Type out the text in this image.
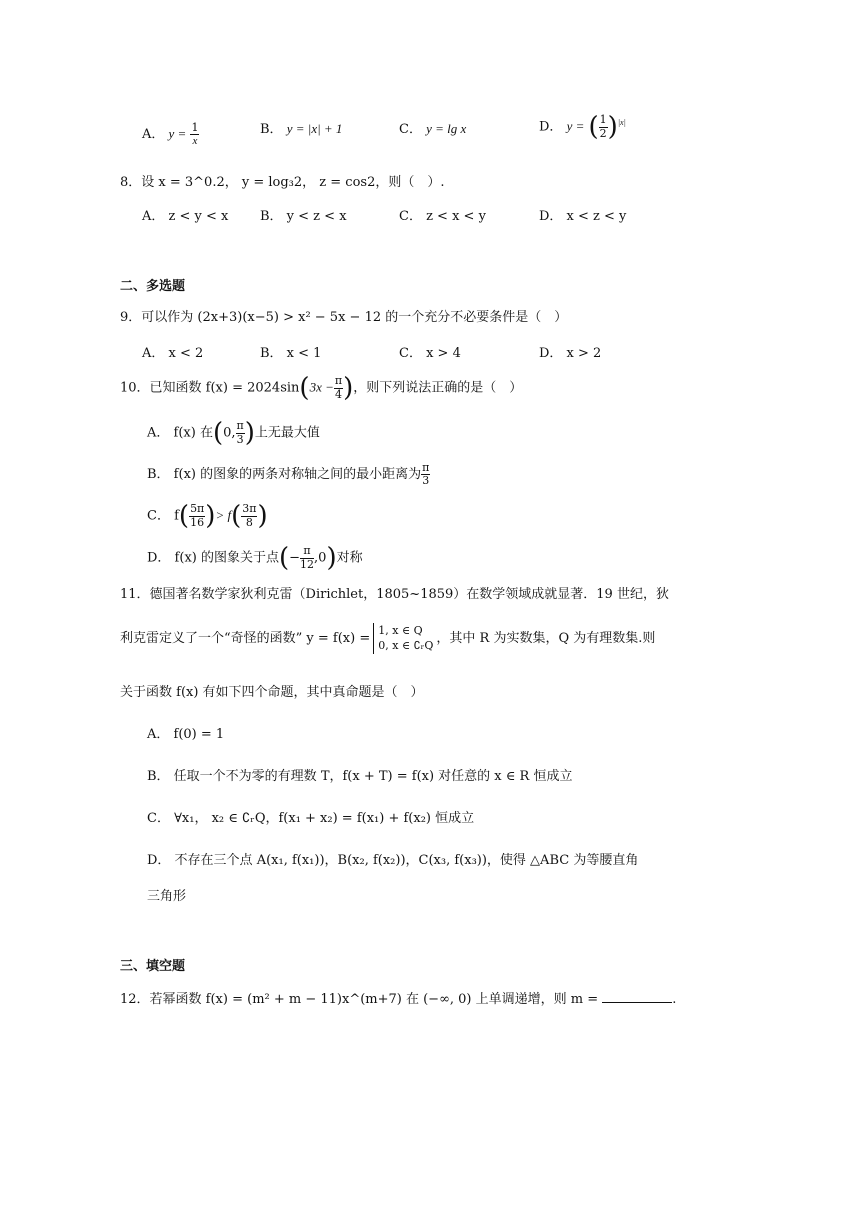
A． $y = \frac{1}{x}$	B． y = |x| + 1	C． y = lg x	D． y = ( $\frac{1}{2} )^{|x|}$
8．设 x = 3^0.2， y = log₃2， z = cos2，则（　）.
A． z < y < x B． y < z < x	C． z < x < y	D． x < z < y
二、多选题
9．可以作为 (2x+3)(x−5) > x² − 5x − 12 的一个充分不必要条件是（　）
A． x < 2	B． x < 1	C． x > 4	D． x > 2
10．已知函数 $f(x) = 2024\sin(3x - \frac{\pi}{4}$ )，则下列说法正确的是（　）
A． f(x) 在(0, $\frac{\pi}{3}$ )上无最大值
B． f(x) 的图象的两条对称轴之间的最小距离为 $\frac{\pi}{3}$
C． $f( \frac{5\pi}{16}$ )> $f( \frac{3\pi}{8}$ )
D． f(x) 的图象关于点(− $\frac{\pi}{12} ,0$)对称
11．德国著名数学家狄利克雷（Dirichlet，1805~1859）在数学领域成就显著．19 世纪，狄
利克雷定义了一个“奇怪的函数” y = f(x) =
1, x ∈ Q
0, x ∈ ∁ᵣQ ，其中 R 为实数集，Q 为有理数集.则
关于函数 f(x) 有如下四个命题，其中真命题是（　）
A． f(0) = 1
B． 任取一个不为零的有理数 T，f(x + T) = f(x) 对任意的 x ∈ R 恒成立
C． ∀x₁， x₂ ∈ ∁ᵣQ，f(x₁ + x₂) = f(x₁) + f(x₂) 恒成立
D． 不存在三个点 A(x₁, f(x₁))，B(x₂, f(x₂))，C(x₃, f(x₃))，使得 △ABC 为等腰直角
三角形
三、填空题
12．若幂函数 f(x) = (m² + m − 11)x^(m+7) 在 (−∞, 0) 上单调递增，则 m =	.
